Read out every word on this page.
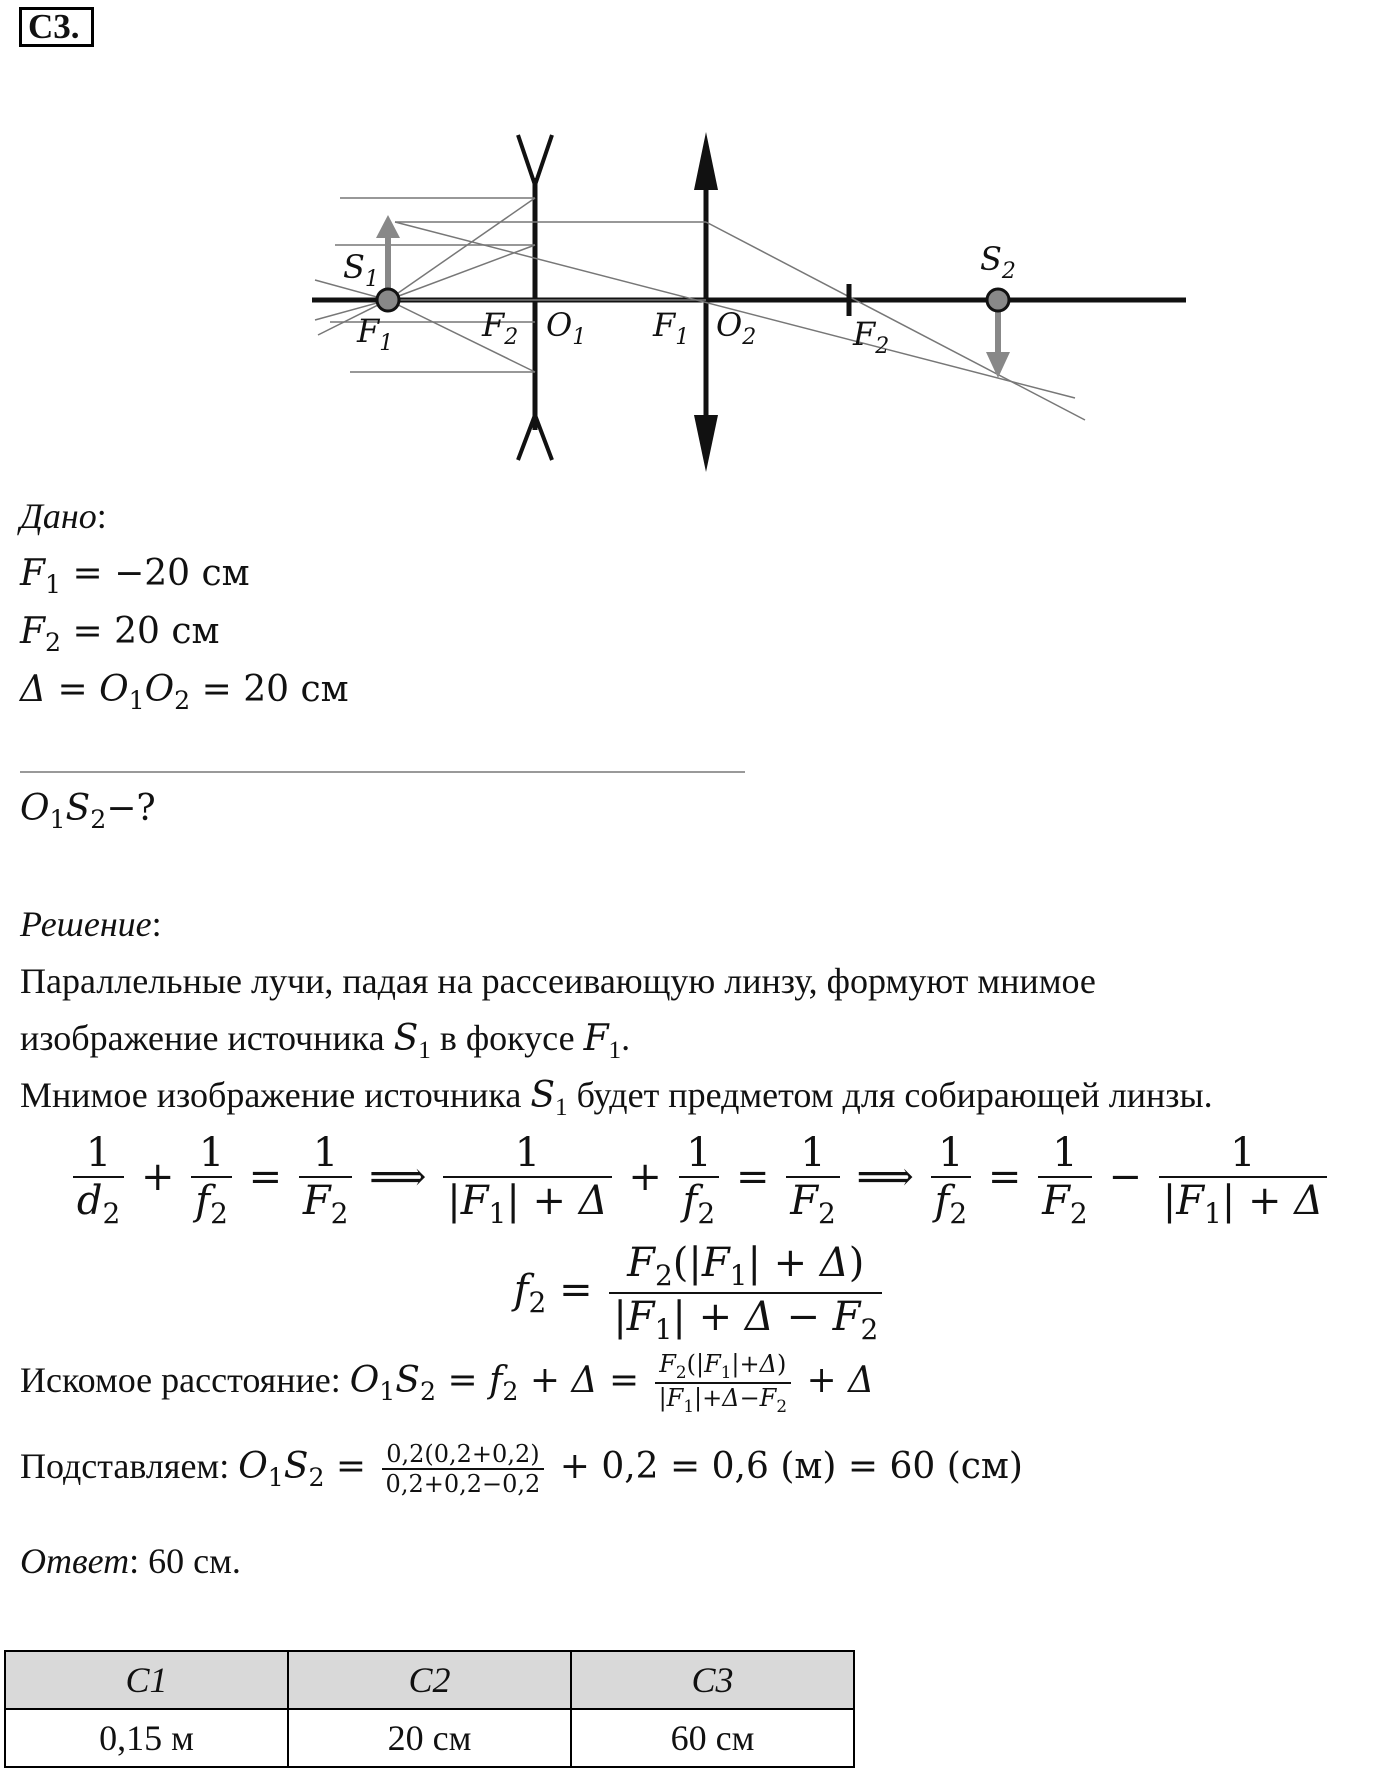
С3.
$S_1$
$F_1$	$F_2$ $O_1$ $F_1$ $O_2$	$F_2$
$S_2$
Дано:
$F_1 = -20$ см
$F_2 = 20$ см
$\Delta = O_1O_2 = 20$ см
$O_1S_2-$?
Решение:
Параллельные лучи, падая на рассеивающую линзу, формуют мнимое
изображение источника $S_1$ в фокусе $F_1$.
Мнимое изображение источника $S_1$ будет предметом для собирающей линзы.
$\frac{1}{d_2} + \frac{1}{f_2} = \frac{1}{F_2}$ ⟹ $\frac{1}{|F_1| + \Delta} + \frac{1}{f_2} = \frac{1}{F_2}$ ⟹ $\frac{1}{f_2} = \frac{1}{F_2} - \frac{1}{|F_1| + \Delta}$
$f_2 = \frac{F_2(|F_1| + \Delta)}{|F_1| + \Delta - F_2}$
Искомое расстояние: $O_1S_2 = f_2 + \Delta = \frac{F_2(|F_1|+\Delta)}{|F_1|+\Delta-F_2} + \Delta$
Подставляем: $O_1S_2 = \frac{0,2(0,2+0,2)}{0,2+0,2-0,2} + 0,2 = 0,6$ (м) = 60 (см)
Ответ: 60 см.
С1	С2	С3
0,15 м	20 см	60 см
